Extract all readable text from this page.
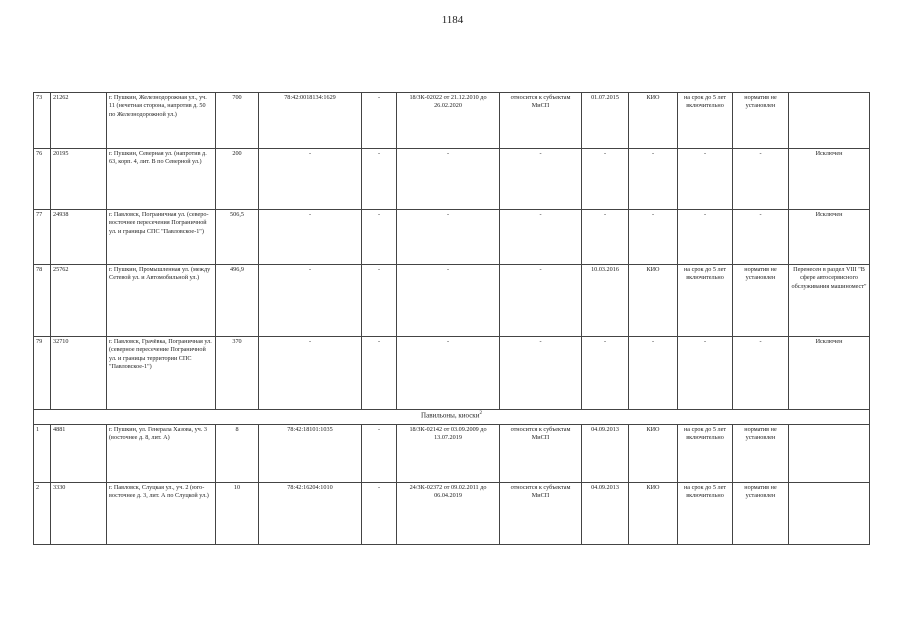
1184
73	21262	г. Пушкин, Железнодорожная ул., уч. 11 (нечетная сторона, напротив д. 50 по Железнодорожной ул.)	700	78:42:0018134:1629	-	18/ЗК-02022 от 21.12.2010 до 26.02.2020	относится к субъектам МиСП	01.07.2015	КИО	на срок до 5 лет включительно	норматив не установлен	
76	20195	г. Пушкин, Северная ул. (напротив д. 63, корп. 4, лит. В по Северной ул.)	200	-	-	-	-	-	-	-	-	Исключен
77	24938	г. Павловск, Пограничная ул. (северо-восточнее пересечения Пограничной ул. и границы СПС "Павловское-1")	506,5	-	-	-	-	-	-	-	-	Исключен
78	25762	г. Пушкин, Промышленная ул. (между Сетевой ул. и Автомобильной ул.)	496,9	-	-	-	-	10.03.2016	КИО	на срок до 5 лет включительно	норматив не установлен	Перенесен в раздел VIII "В сфере автосервисного обслуживания машиномест"
79	32710	г. Павловск, Грачёвка, Пограничная ул. (северное пересечение Пограничной ул. и границы территории СПС "Павловское-1")	370	-	-	-	-	-	-	-	-	Исключен
Павильоны, киоски$^2$
1	4881	г. Пушкин, ул. Генерала Хазова, уч. 3 (восточнее д. 8, лит. А)	8	78:42:18101:1035	-	18/ЗК-02142 от 03.09.2009 до 13.07.2019	относится к субъектам МиСП	04.09.2013	КИО	на срок до 5 лет включительно	норматив не установлен	
2	3330	г. Павловск, Слуцкая ул., уч. 2 (юго-восточнее д. 3, лит. А по Слуцкой ул.)	10	78:42:16204:1010	-	24/ЗК-02372 от 09.02.2011 до 06.04.2019	относится к субъектам МиСП	04.09.2013	КИО	на срок до 5 лет включительно	норматив не установлен	
